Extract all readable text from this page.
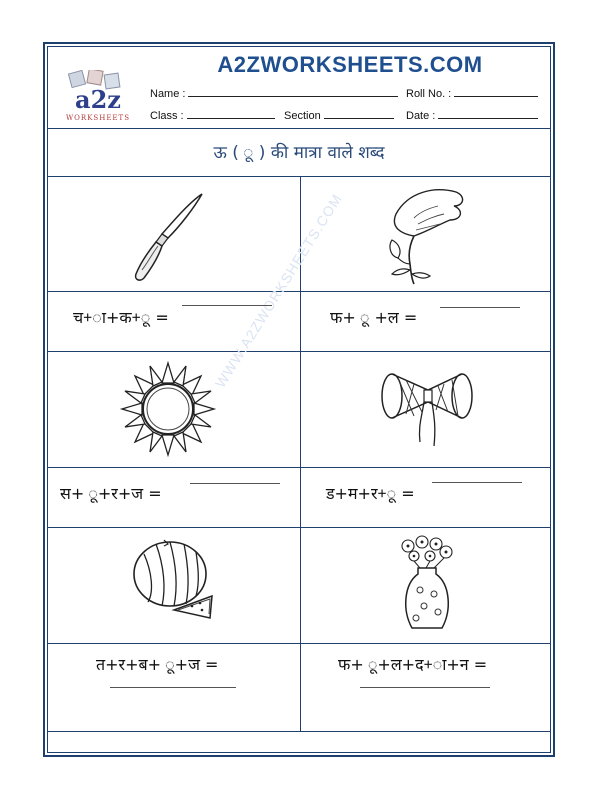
WWW.A2ZWORKSHEETS.COM
a2z
WORKSHEETS
A2ZWORKSHEETS.COM
Name :	Roll No. :
Class :	Section	Date :
ऊ ( ू ) की मात्रा वाले शब्द
च+ा+क+ू =	फ+ ू +ल =
स+ ू+र+ज =	ड+म+र+ू =
त+र+ब+ ू+ज =	फ+ ू+ल+द+ा+न =
